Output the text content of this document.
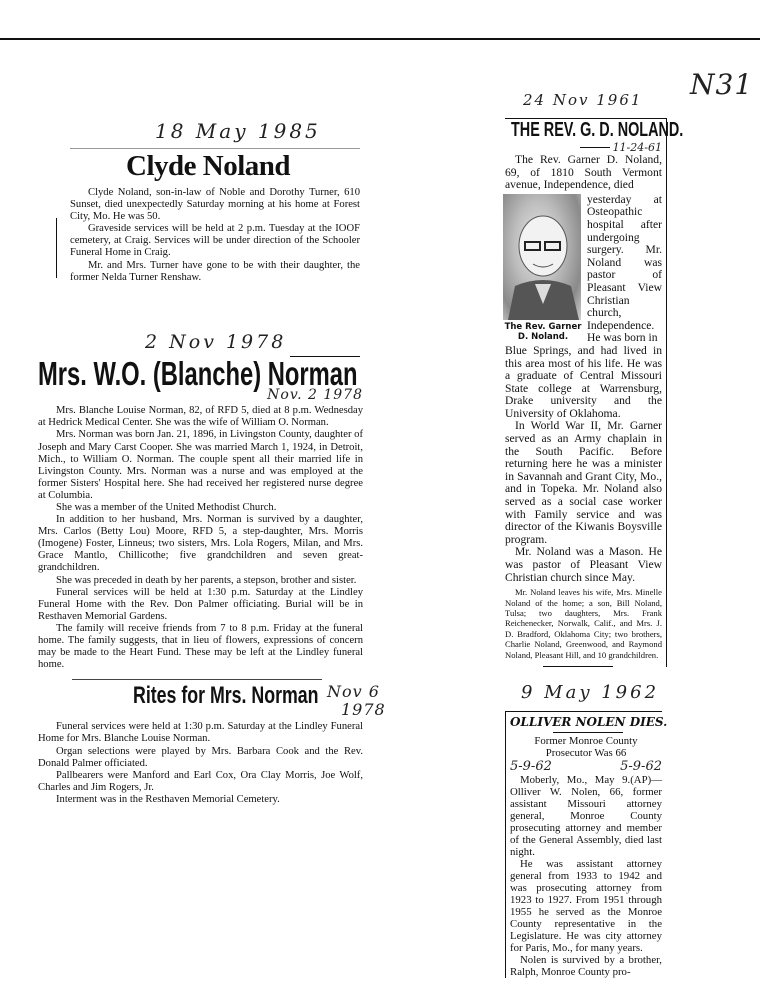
N31
18 May 1985
Clyde Noland

Clyde Noland, son-in-law of Noble and Dorothy Turner, 610 Sunset, died unexpectedly Saturday morning at his home at Forest City, Mo. He was 50.

Graveside services will be held at 2 p.m. Tuesday at the IOOF cemetery, at Craig. Services will be under direction of the Schooler Funeral Home in Craig.

Mr. and Mrs. Turner have gone to be with their daughter, the former Nelda Turner Renshaw.

2 Nov 1978
Mrs. W.O. (Blanche) Norman
Nov. 2 1978

Mrs. Blanche Louise Norman, 82, of RFD 5, died at 8 p.m. Wednesday at Hedrick Medical Center. She was the wife of William O. Norman.

Mrs. Norman was born Jan. 21, 1896, in Livingston County, daughter of Joseph and Mary Carst Cooper. She was married March 1, 1924, in Detroit, Mich., to William O. Norman. The couple spent all their married life in Livingston County. Mrs. Norman was a nurse and was employed at the former Sisters' Hospital here. She had received her registered nurse degree at Columbia.

She was a member of the United Methodist Church.

In addition to her husband, Mrs. Norman is survived by a daughter, Mrs. Carlos (Betty Lou) Moore, RFD 5, a step-daughter, Mrs. Morris (Imogene) Foster, Linneus; two sisters, Mrs. Lola Rogers, Milan, and Mrs. Grace Mantlo, Chillicothe; five grandchildren and seven great-grandchildren.

She was preceded in death by her parents, a stepson, brother and sister.

Funeral services will be held at 1:30 p.m. Saturday at the Lindley Funeral Home with the Rev. Don Palmer officiating. Burial will be in Resthaven Memorial Gardens.

The family will receive friends from 7 to 8 p.m. Friday at the funeral home. The family suggests, that in lieu of flowers, expressions of concern may be made to the Heart Fund. These may be left at the Lindley funeral home.

Rites for Mrs. Norman Nov 6
1978

Funeral services were held at 1:30 p.m. Saturday at the Lindley Funeral Home for Mrs. Blanche Louise Norman.

Organ selections were played by Mrs. Barbara Cook and the Rev. Donald Palmer officiated.

Pallbearers were Manford and Earl Cox, Ora Clay Morris, Joe Wolf, Charles and Jim Rogers, Jr.

Interment was in the Resthaven Memorial Cemetery.

24 Nov 1961
THE REV. G. D. NOLAND.
11-24-61
The Rev. Garner D. Noland, 69, of 1810 South Vermont avenue, Independence, died
The Rev. Garner D. Noland.

yesterday at Osteopathic hospital after undergoing surgery. Mr. Noland was pastor of Pleasant View Christian church, Independence. He was born in

Blue Springs, and had lived in this area most of his life. He was a graduate of Central Missouri State college at Warrensburg, Drake university and the University of Oklahoma.

In World War II, Mr. Garner served as an Army chaplain in the South Pacific. Before returning here he was a minister in Savannah and Grant City, Mo., and in Topeka. Mr. Noland also served as a social case worker with Family service and was director of the Kiwanis Boysville program.

Mr. Noland was a Mason. He was pastor of Pleasant View Christian church since May.

Mr. Noland leaves his wife, Mrs. Minelle Noland of the home; a son, Bill Noland, Tulsa; two daughters, Mrs. Frank Reichenecker, Norwalk, Calif., and Mrs. J. D. Bradford, Oklahoma City; two brothers, Charlie Noland, Greenwood, and Raymond Noland, Pleasant Hill, and 10 grandchildren.

9 May 1962
OLLIVER NOLEN DIES.
Former Monroe County Prosecutor Was 66
5-9-62	5-9-62

Moberly, Mo., May 9.(AP)—Olliver W. Nolen, 66, former assistant Missouri attorney general, Monroe County prosecuting attorney and member of the General Assembly, died last night.

He was assistant attorney general from 1933 to 1942 and was prosecuting attorney from 1923 to 1927. From 1951 through 1955 he served as the Monroe County representative in the Legislature. He was city attorney for Paris, Mo., for many years.

Nolen is survived by a brother, Ralph, Monroe County pro-
